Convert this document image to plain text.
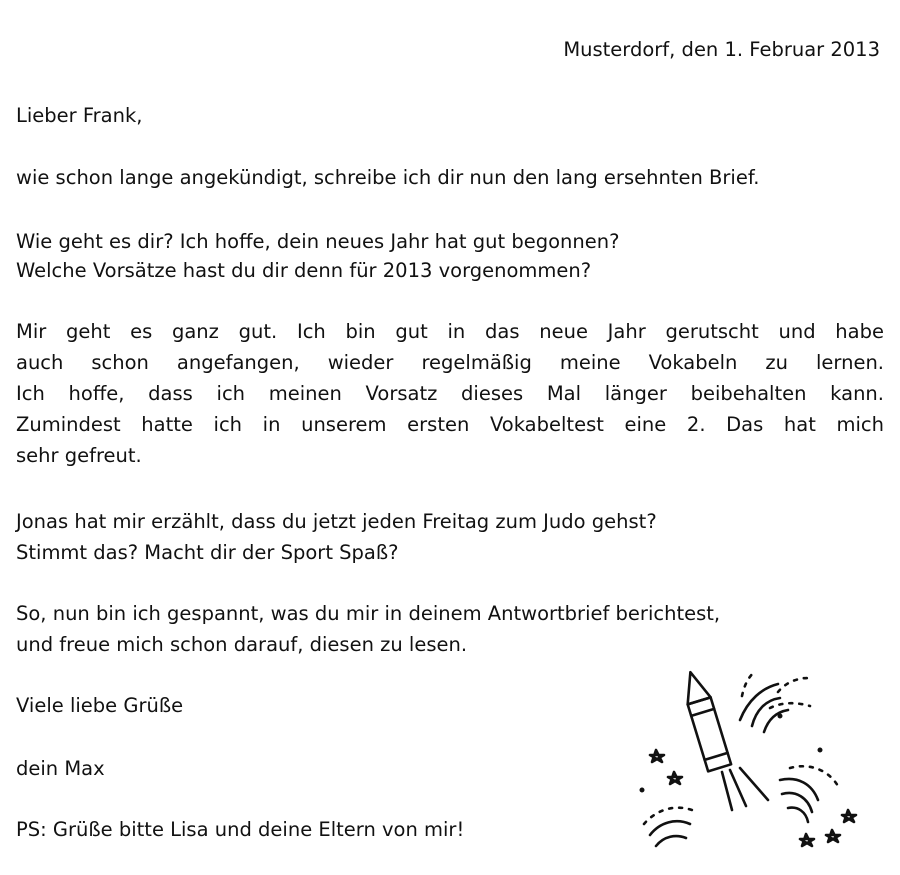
Musterdorf, den 1. Februar 2013
Lieber Frank,
wie schon lange angekündigt, schreibe ich dir nun den lang ersehnten Brief.
Wie geht es dir? Ich hoffe, dein neues Jahr hat gut begonnen?
Welche Vorsätze hast du dir denn für 2013 vorgenommen?
Mir geht es ganz gut. Ich bin gut in das neue Jahr gerutscht und habe
auch schon angefangen, wieder regelmäßig meine Vokabeln zu lernen.
Ich hoffe, dass ich meinen Vorsatz dieses Mal länger beibehalten kann.
Zumindest hatte ich in unserem ersten Vokabeltest eine 2. Das hat mich
sehr gefreut.
Jonas hat mir erzählt, dass du jetzt jeden Freitag zum Judo gehst?
Stimmt das? Macht dir der Sport Spaß?
So, nun bin ich gespannt, was du mir in deinem Antwortbrief berichtest,
und freue mich schon darauf, diesen zu lesen.
Viele liebe Grüße
dein Max
PS: Grüße bitte Lisa und deine Eltern von mir!
